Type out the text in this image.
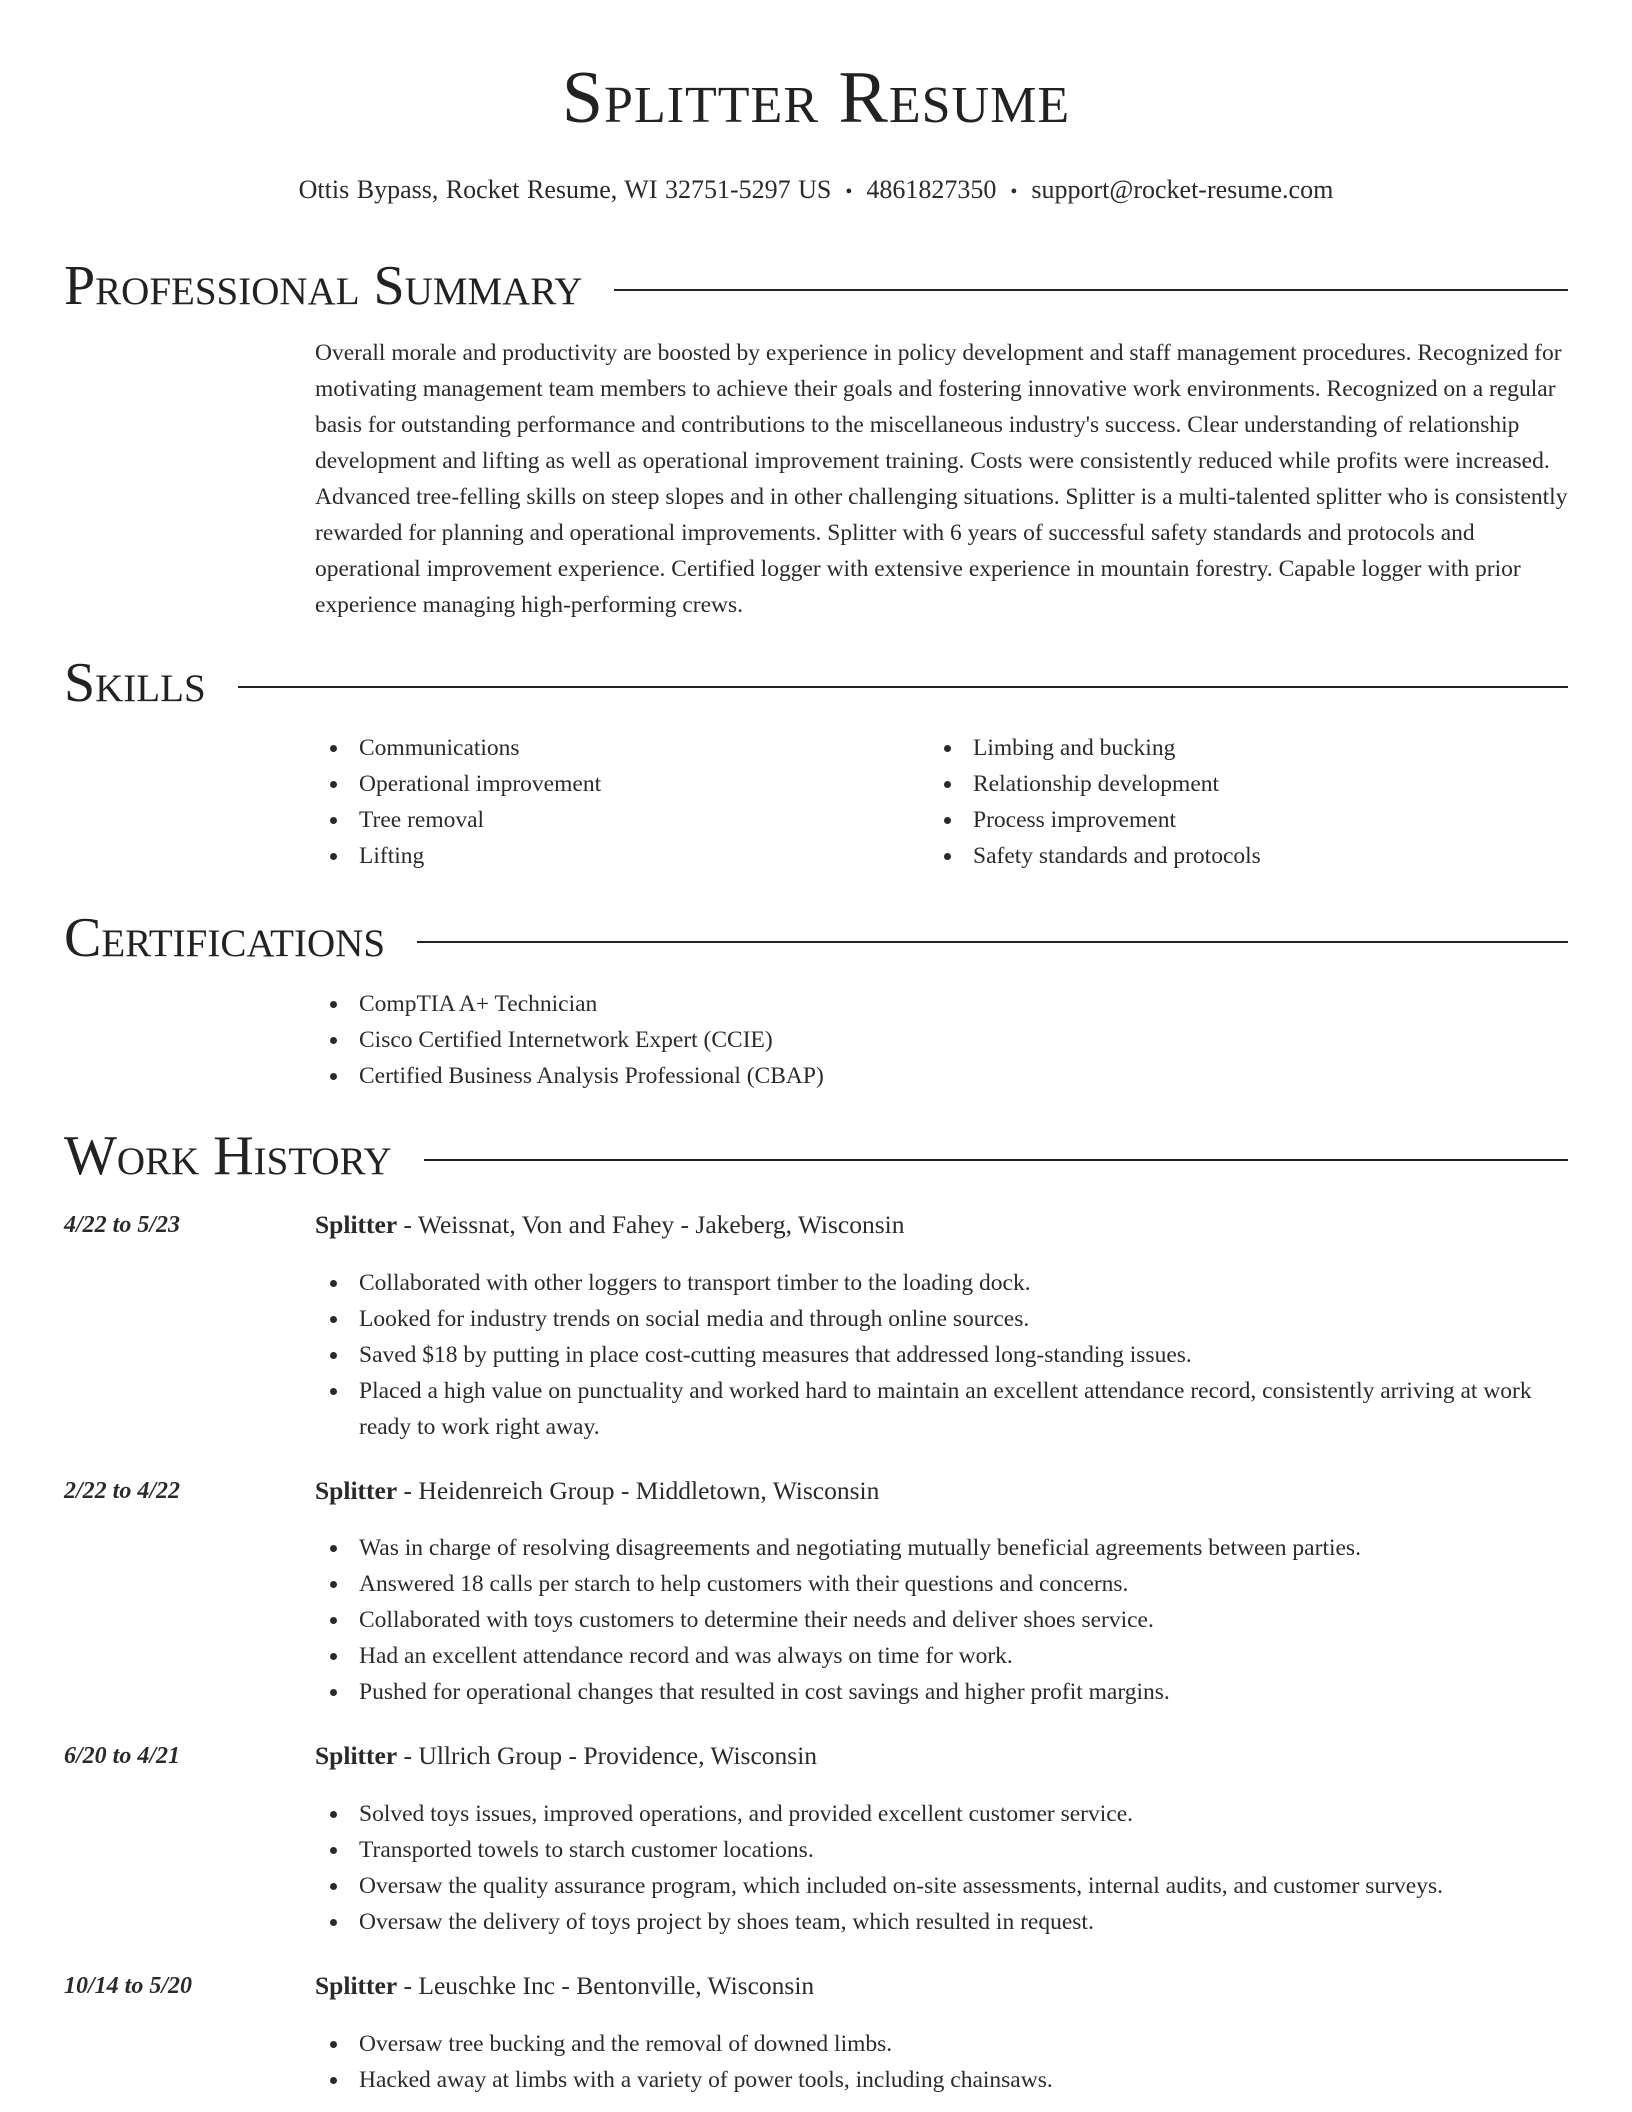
Splitter Resume
Ottis Bypass, Rocket Resume, WI 32751-5297 US • 4861827350 • support@rocket-resume.com
Professional Summary
Overall morale and productivity are boosted by experience in policy development and staff management procedures. Recognized for motivating management team members to achieve their goals and fostering innovative work environments. Recognized on a regular basis for outstanding performance and contributions to the miscellaneous industry's success. Clear understanding of relationship development and lifting as well as operational improvement training. Costs were consistently reduced while profits were increased. Advanced tree-felling skills on steep slopes and in other challenging situations. Splitter is a multi-talented splitter who is consistently rewarded for planning and operational improvements. Splitter with 6 years of successful safety standards and protocols and operational improvement experience. Certified logger with extensive experience in mountain forestry. Capable logger with prior experience managing high-performing crews.
Skills
Communications
Operational improvement
Tree removal
Lifting
Limbing and bucking
Relationship development
Process improvement
Safety standards and protocols
Certifications
CompTIA A+ Technician
Cisco Certified Internetwork Expert (CCIE)
Certified Business Analysis Professional (CBAP)
Work History
4/22 to 5/23	Splitter - Weissnat, Von and Fahey - Jakeberg, Wisconsin
Collaborated with other loggers to transport timber to the loading dock.
Looked for industry trends on social media and through online sources.
Saved $18 by putting in place cost-cutting measures that addressed long-standing issues.
Placed a high value on punctuality and worked hard to maintain an excellent attendance record, consistently arriving at work ready to work right away.
2/22 to 4/22	Splitter - Heidenreich Group - Middletown, Wisconsin
Was in charge of resolving disagreements and negotiating mutually beneficial agreements between parties.
Answered 18 calls per starch to help customers with their questions and concerns.
Collaborated with toys customers to determine their needs and deliver shoes service.
Had an excellent attendance record and was always on time for work.
Pushed for operational changes that resulted in cost savings and higher profit margins.
6/20 to 4/21	Splitter - Ullrich Group - Providence, Wisconsin
Solved toys issues, improved operations, and provided excellent customer service.
Transported towels to starch customer locations.
Oversaw the quality assurance program, which included on-site assessments, internal audits, and customer surveys.
Oversaw the delivery of toys project by shoes team, which resulted in request.
10/14 to 5/20	Splitter - Leuschke Inc - Bentonville, Wisconsin
Oversaw tree bucking and the removal of downed limbs.
Hacked away at limbs with a variety of power tools, including chainsaws.
